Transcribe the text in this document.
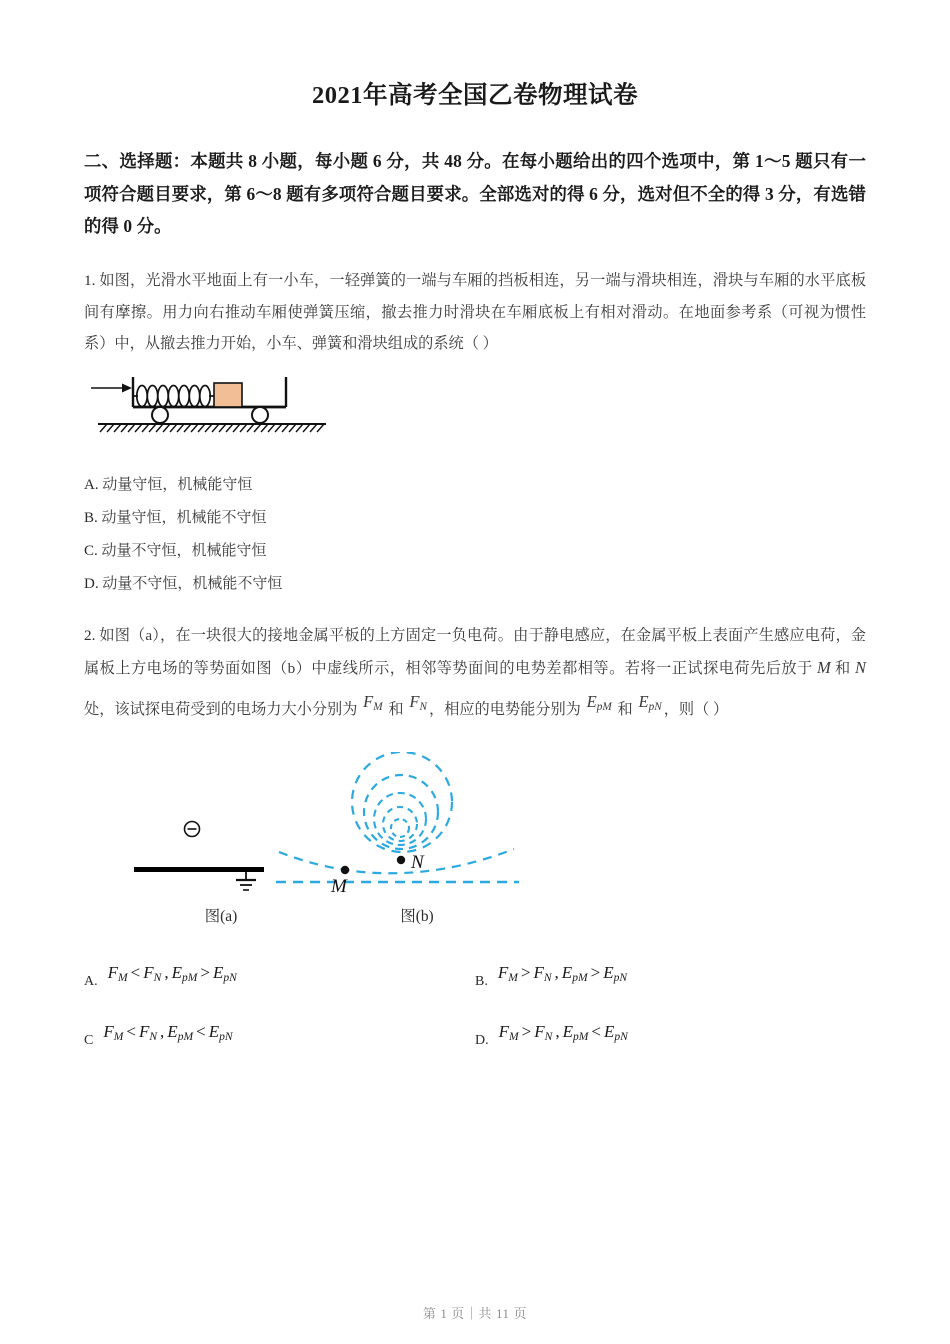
2021年高考全国乙卷物理试卷
二、选择题：本题共 8 小题，每小题 6 分，共 48 分。在每小题给出的四个选项中，第 1～5 题只有一项符合题目要求，第 6～8 题有多项符合题目要求。全部选对的得 6 分，选对但不全的得 3 分，有选错的得 0 分。
1. 如图，光滑水平地面上有一小车，一轻弹簧的一端与车厢的挡板相连，另一端与滑块相连，滑块与车厢的水平底板间有摩擦。用力向右推动车厢使弹簧压缩，撤去推力时滑块在车厢底板上有相对滑动。在地面参考系（可视为惯性系）中，从撤去推力开始，小车、弹簧和滑块组成的系统（ ）
A. 动量守恒，机械能守恒
B. 动量守恒，机械能不守恒
C. 动量不守恒，机械能守恒
D. 动量不守恒，机械能不守恒
2. 如图（a），在一块很大的接地金属平板的上方固定一负电荷。由于静电感应，在金属平板上表面产生感应电荷，金属板上方电场的等势面如图（b）中虚线所示，相邻等势面间的电势差都相等。若将一正试探电荷先后放于 M 和 N 处，该试探电荷受到的电场力大小分别为 $F_M$ 和 $F_N$ ，相应的电势能分别为 $E_{pM}$ 和 $E_{pN}$ ，则（ ）
M
N
图(a)	图(b)
A. $F_M < F_N$ , $E_{pM} > E_{pN}$	B. $F_M > F_N$ , $E_{pM} > E_{pN}$
C $F_M < F_N$ , $E_{pM} < E_{pN}$	D. $F_M > F_N$ , $E_{pM} < E_{pN}$
第 1 页｜共 11 页
